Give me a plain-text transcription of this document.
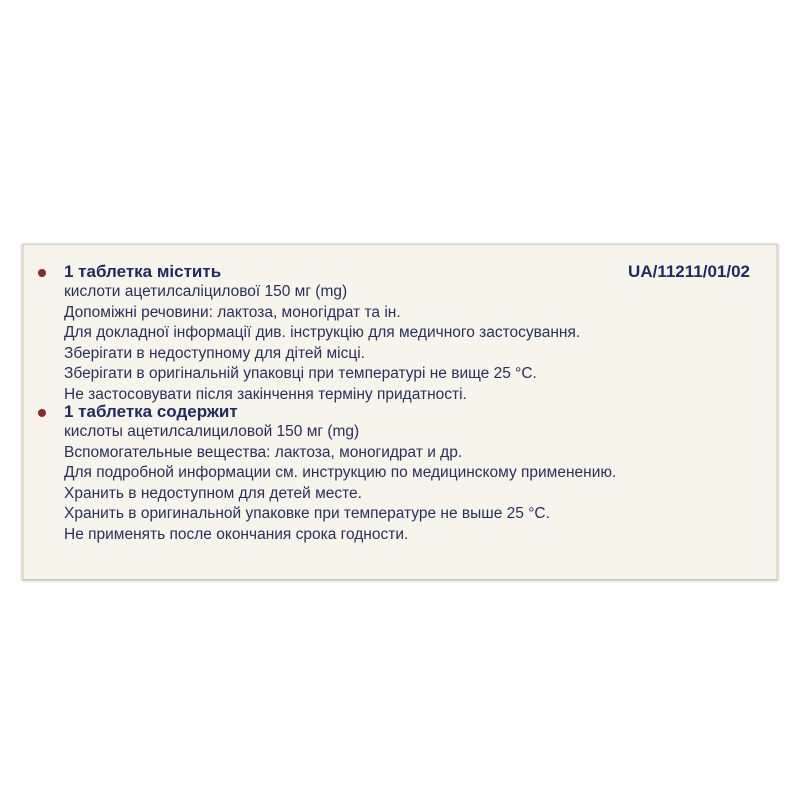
1 таблетка містить	UA/11211/01/02
кислоти ацетилсаліцилової 150 мг (mg)
Допоміжні речовини: лактоза, моногідрат та ін.
Для докладної інформації див. інструкцію для медичного застосування.
Зберігати в недоступному для дітей місці.
Зберігати в оригінальній упаковці при температурі не вище 25 °С.
Не застосовувати після закінчення терміну придатності.
1 таблетка содержит
кислоты ацетилсалициловой 150 мг (mg)
Вспомогательные вещества: лактоза, моногидрат и др.
Для подробной информации см. инструкцию по медицинскому применению.
Хранить в недоступном для детей месте.
Хранить в оригинальной упаковке при температуре не выше 25 °С.
Не применять после окончания срока годности.
